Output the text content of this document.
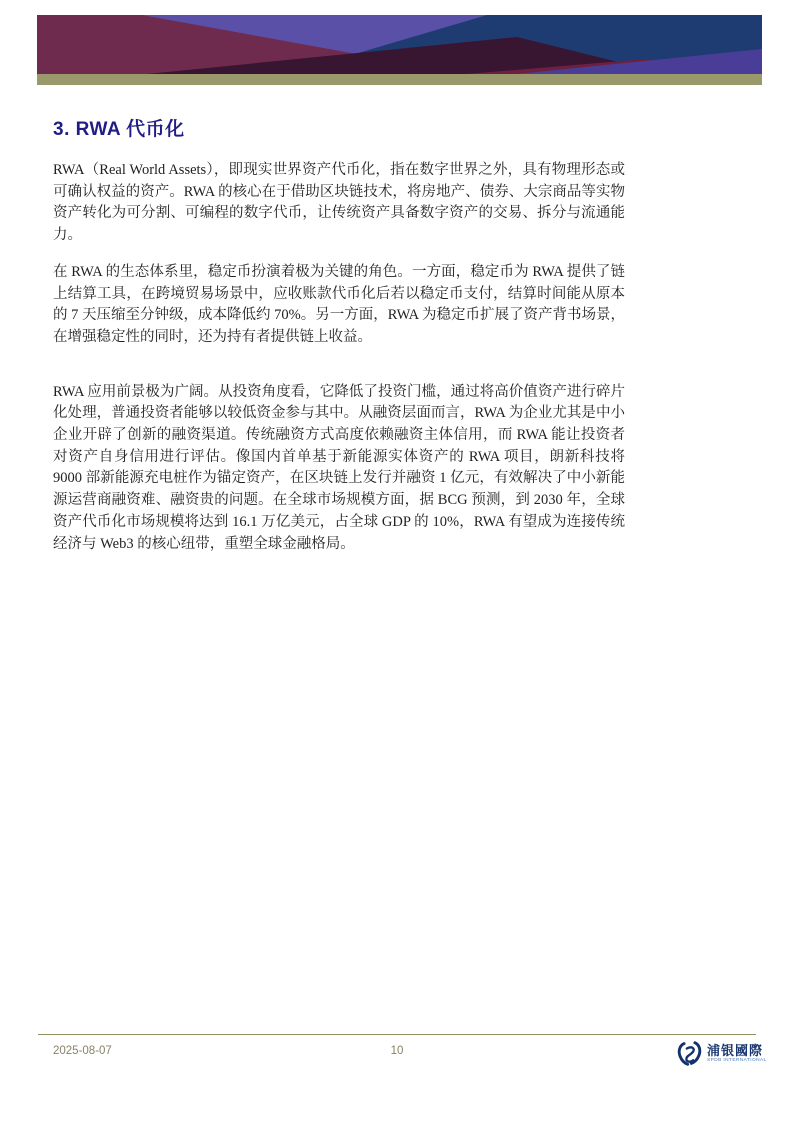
3. RWA 代币化

RWA（Real World Assets），即现实世界资产代币化，指在数字世界之外，具有物理形态或可确认权益的资产。RWA 的核心在于借助区块链技术，将房地产、债券、大宗商品等实物资产转化为可分割、可编程的数字代币，让传统资产具备数字资产的交易、拆分与流通能力。

在 RWA 的生态体系里，稳定币扮演着极为关键的角色。一方面，稳定币为 RWA 提供了链上结算工具，在跨境贸易场景中，应收账款代币化后若以稳定币支付，结算时间能从原本的 7 天压缩至分钟级，成本降低约 70%。另一方面，RWA 为稳定币扩展了资产背书场景，在增强稳定性的同时，还为持有者提供链上收益。

RWA 应用前景极为广阔。从投资角度看，它降低了投资门槛，通过将高价值资产进行碎片化处理，普通投资者能够以较低资金参与其中。从融资层面而言，RWA 为企业尤其是中小企业开辟了创新的融资渠道。传统融资方式高度依赖融资主体信用，而 RWA 能让投资者对资产自身信用进行评估。像国内首单基于新能源实体资产的 RWA 项目，朗新科技将 9000 部新能源充电桩作为锚定资产，在区块链上发行并融资 1 亿元，有效解决了中小新能源运营商融资难、融资贵的问题。在全球市场规模方面，据 BCG 预测，到 2030 年，全球资产代币化市场规模将达到 16.1 万亿美元，占全球 GDP 的 10%，RWA 有望成为连接传统经济与 Web3 的核心纽带，重塑全球金融格局。

2025-08-07	10	浦银國際
SPDB INTERNATIONAL
